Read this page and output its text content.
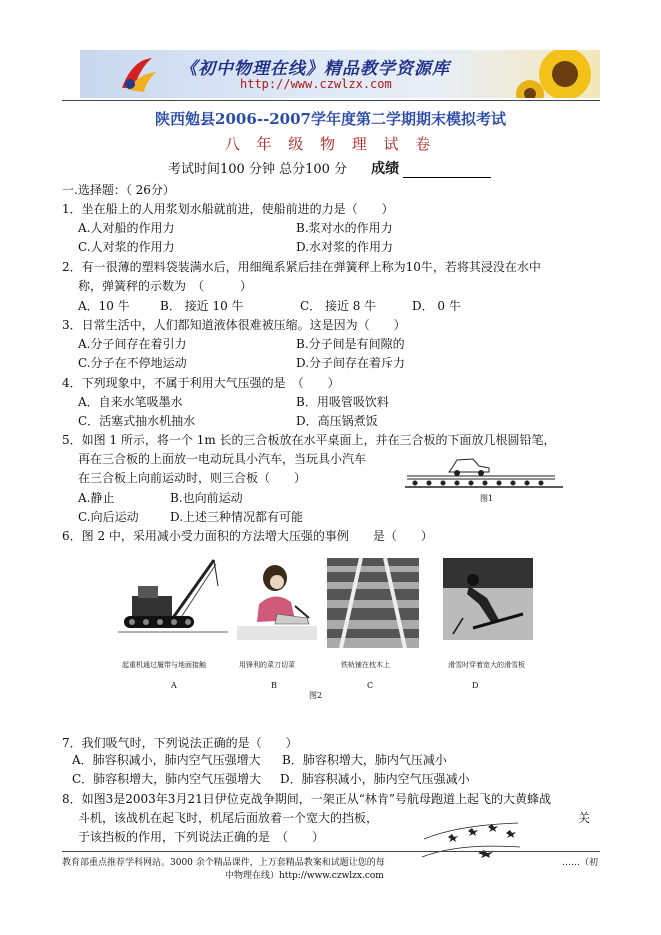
《初中物理在线》精品教学资源库
http://www.czwlzx.com
陕西勉县2006--2007学年度第二学期期末模拟考试
八 年 级 物 理 试 卷
考试时间100 分钟 总分100 分 成绩
一.选择题：（ 26分）
1．坐在船上的人用浆划水船就前进，使船前进的力是（　　）
A.人对船的作用力	B.浆对水的作用力
C.人对浆的作用力	D.水对浆的作用力
2．有一很薄的塑料袋装满水后，用细绳系紧后挂在弹簧秤上称为10牛，若将其浸没在水中
称，弹簧秤的示数为　（　　　）
A．10 牛	B． 接近 10 牛	C． 接近 8 牛	D． 0 牛
3．日常生活中，人们都知道液体很难被压缩。这是因为（　　）
A.分子间存在着引力	B.分子间是有间隙的
C.分子在不停地运动	D.分子间存在着斥力
4．下列现象中，不属于利用大气压强的是　（　　）
A．自来水笔吸墨水	B．用吸管吸饮料
C．活塞式抽水机抽水	D．高压锅煮饭
5．如图 1 所示，将一个 1m 长的三合板放在水平桌面上，并在三合板的下面放几根圆铅笔，
再在三合板的上面放一电动玩具小汽车，当玩具小汽车
在三合板上向前运动时，则三合板（　　）
A.静止	B.也向前运动
C.向后运动	D.上述三种情况都有可能
图1
6．图 2 中，采用减小受力面积的方法增大压强的事例　　是（　　）
起重机通过履带与地面接触	用锋利的菜刀切菜	铁轨铺在枕木上	滑雪时穿着宽大的滑雪板
A	B	C	D
图2
7．我们吸气时，下列说法正确的是（　　）
A．肺容积减小，肺内空气压强增大 B．肺容积增大，肺内气压减小
C．肺容积增大，肺内空气压强增大 D．肺容积减小，肺内空气压强减小
8．如图3是2003年3月21日伊位克战争期间，一架正从“林肯”号航母跑道上起飞的大黄蜂战
斗机，该战机在起飞时，机尾后面放着一个宽大的挡板，	关
于该挡板的作用，下列说法正确的是　（　　）
教育部重点推荐学科网站。3000 余个精品课件，上万套精品教案和试题让您的每	……（初
中物理在线）http://www.czwlzx.com
